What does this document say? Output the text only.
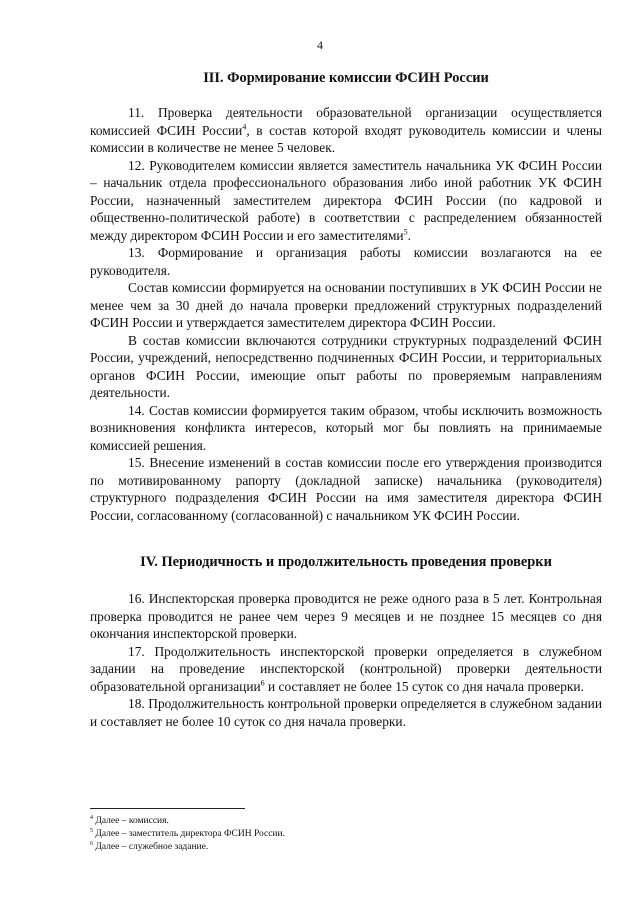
4
III. Формирование комиссии ФСИН России

11. Проверка деятельности образовательной организации осуществляется комиссией ФСИН России$^4$, в состав которой входят руководитель комиссии и члены комиссии в количестве не менее 5 человек.

12. Руководителем комиссии является заместитель начальника УК ФСИН России – начальник отдела профессионального образования либо иной работник УК ФСИН России, назначенный заместителем директора ФСИН России (по кадровой и общественно-политической работе) в соответствии с распределением обязанностей между директором ФСИН России и его заместителями$^5$.

13. Формирование и организация работы комиссии возлагаются на ее руководителя.

Состав комиссии формируется на основании поступивших в УК ФСИН России не менее чем за 30 дней до начала проверки предложений структурных подразделений ФСИН России и утверждается заместителем директора ФСИН России.

В состав комиссии включаются сотрудники структурных подразделений ФСИН России, учреждений, непосредственно подчиненных ФСИН России, и территориальных органов ФСИН России, имеющие опыт работы по проверяемым направлениям деятельности.

14. Состав комиссии формируется таким образом, чтобы исключить возможность возникновения конфликта интересов, который мог бы повлиять на принимаемые комиссией решения.

15. Внесение изменений в состав комиссии после его утверждения производится по мотивированному рапорту (докладной записке) начальника (руководителя) структурного подразделения ФСИН России на имя заместителя директора ФСИН России, согласованному (согласованной) с начальником УК ФСИН России.

IV. Периодичность и продолжительность проведения проверки

16. Инспекторская проверка проводится не реже одного раза в 5 лет. Контрольная проверка проводится не ранее чем через 9 месяцев и не позднее 15 месяцев со дня окончания инспекторской проверки.

17. Продолжительность инспекторской проверки определяется в служебном задании на проведение инспекторской (контрольной) проверки деятельности образовательной организации$^6$ и составляет не более 15 суток со дня начала проверки.

18. Продолжительность контрольной проверки определяется в служебном задании и составляет не более 10 суток со дня начала проверки.

$^4$ Далее – комиссия.
$^5$ Далее – заместитель директора ФСИН России.
$^6$ Далее – служебное задание.
